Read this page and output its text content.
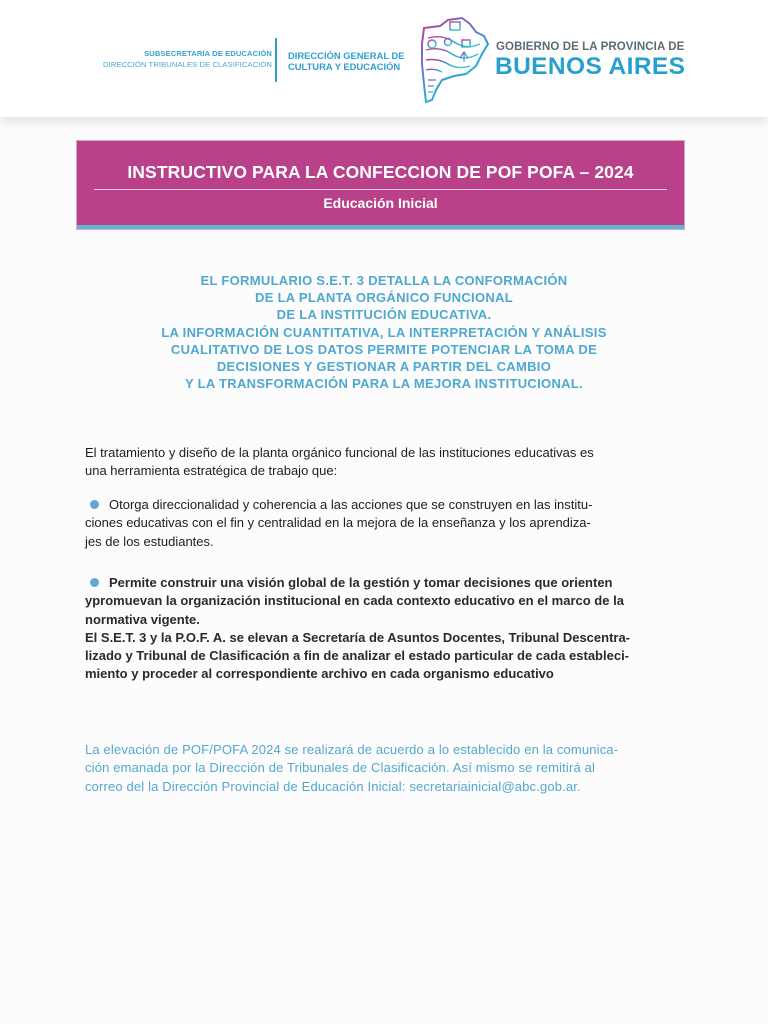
SUBSECRETARÍA DE EDUCACIÓN
DIRECCIÓN TRIBUNALES DE CLASIFICACIÓN
DIRECCIÓN GENERAL DE
CULTURA Y EDUCACIÓN
GOBIERNO DE LA PROVINCIA DE
BUENOS AIRES
INSTRUCTIVO PARA LA CONFECCION DE POF POFA – 2024
Educación Inicial
EL FORMULARIO S.E.T. 3 DETALLA LA CONFORMACIÓN
DE LA PLANTA ORGÁNICO FUNCIONAL
DE LA INSTITUCIÓN EDUCATIVA.
LA INFORMACIÓN CUANTITATIVA, LA INTERPRETACIÓN Y ANÁLISIS
CUALITATIVO DE LOS DATOS PERMITE POTENCIAR LA TOMA DE
DECISIONES Y GESTIONAR A PARTIR DEL CAMBIO
Y LA TRANSFORMACIÓN PARA LA MEJORA INSTITUCIONAL.
El tratamiento y diseño de la planta orgánico funcional de las instituciones educativas es
una herramienta estratégica de trabajo que:
Otorga direccionalidad y coherencia a las acciones que se construyen en las institu-
ciones educativas con el fin y centralidad en la mejora de la enseñanza y los aprendiza-
jes de los estudiantes.
Permite construir una visión global de la gestión y tomar decisiones que orienten
ypromuevan la organización institucional en cada contexto educativo en el marco de la
normativa vigente.
El S.E.T. 3 y la P.O.F. A. se elevan a Secretaría de Asuntos Docentes, Tribunal Descentra-
lizado y Tribunal de Clasificación a fin de analizar el estado particular de cada estableci-
miento y proceder al correspondiente archivo en cada organismo educativo
La elevación de POF/POFA 2024 se realizará de acuerdo a lo establecido en la comunica-
ción emanada por la Dirección de Tribunales de Clasificación. Así mismo se remitirá al
correo del la Dirección Provincial de Educación Inicial: secretariainicial@abc.gob.ar.
